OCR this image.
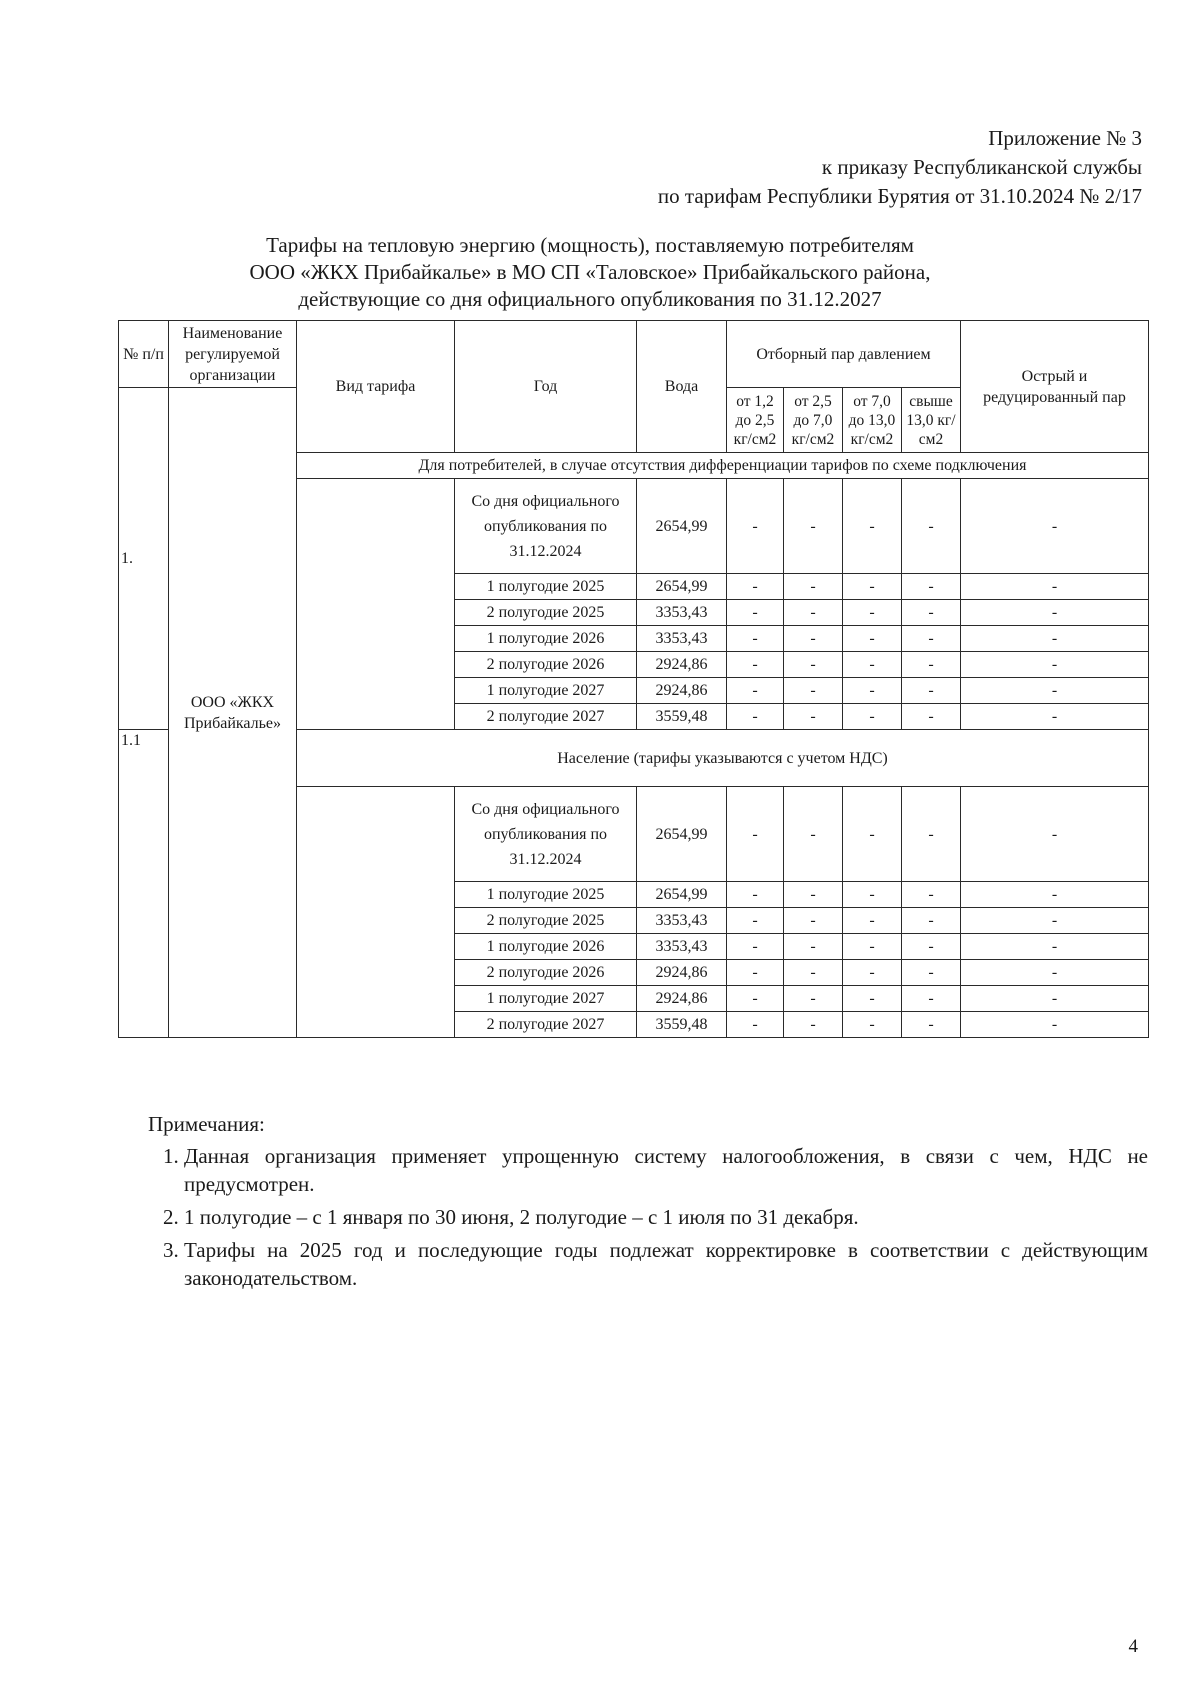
Приложение № 3
к приказу Республиканской службы
по тарифам Республики Бурятия от 31.10.2024 № 2/17
Тарифы на тепловую энергию (мощность), поставляемую потребителям
ООО «ЖКХ Прибайкалье» в МО СП «Таловское» Прибайкальского района,
действующие со дня официального опубликования по 31.12.2027
№ п/п	Наименование регулируемой организации	Вид тарифа	Год	Вода	Отборный пар давлением				Острый и редуцированный пар
					от 1,2 до 2,5 кг/см2	от 2,5 до 7,0 кг/см2	от 7,0 до 13,0 кг/см2	свыше 13,0 кг/см2	
1.	ООО «ЖКХ Прибайкалье»								
		Для потребителей, в случае отсутствия дифференциации тарифов по схеме подключения							
			Со дня официального опубликования по 31.12.2024	2654,99	-	-	-	-	-
			1 полугодие 2025	2654,99	-	-	-	-	-
			2 полугодие 2025	3353,43	-	-	-	-	-
			1 полугодие 2026	3353,43	-	-	-	-	-
			2 полугодие 2026	2924,86	-	-	-	-	-
			1 полугодие 2027	2924,86	-	-	-	-	-
			2 полугодие 2027	3559,48	-	-	-	-	-
1.1		Население (тарифы указываются с учетом НДС)							
			Со дня официального опубликования по 31.12.2024	2654,99	-	-	-	-	-
			1 полугодие 2025	2654,99	-	-	-	-	-
			2 полугодие 2025	3353,43	-	-	-	-	-
			1 полугодие 2026	3353,43	-	-	-	-	-
			2 полугодие 2026	2924,86	-	-	-	-	-
			1 полугодие 2027	2924,86	-	-	-	-	-
			2 полугодие 2027	3559,48	-	-	-	-	-
Примечания:
1. Данная организация применяет упрощенную систему налогообложения, в связи с чем, НДС не предусмотрен.
2. 1 полугодие – с 1 января по 30 июня, 2 полугодие – с 1 июля по 31 декабря.
3. Тарифы на 2025 год и последующие годы подлежат корректировке в соответствии с действующим законодательством.
4
